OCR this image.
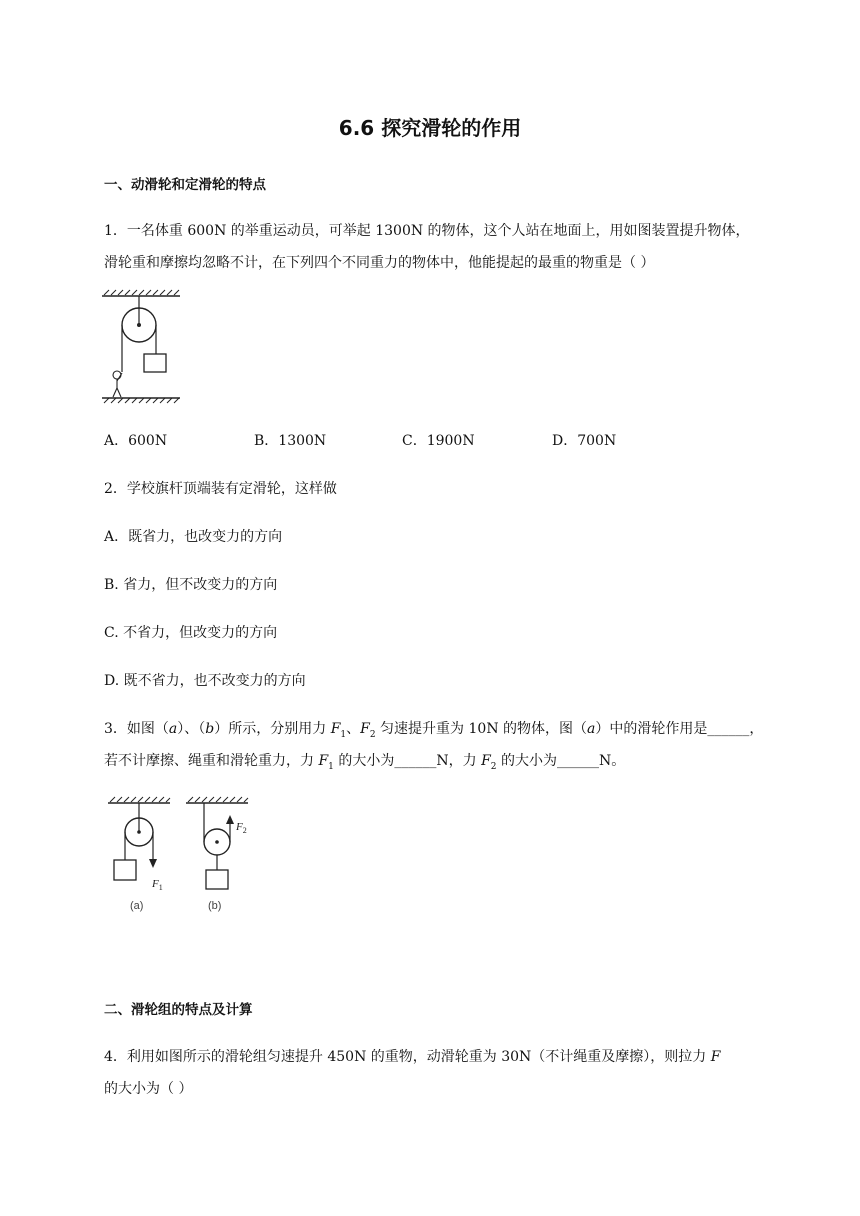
6.6 探究滑轮的作用
一、动滑轮和定滑轮的特点
1．一名体重 600N 的举重运动员，可举起 1300N 的物体，这个人站在地面上，用如图装置提升物体，
滑轮重和摩擦均忽略不计，在下列四个不同重力的物体中，他能提起的最重的物重是（ ）
A．600N	B．1300N	C．1900N	D．700N
2．学校旗杆顶端装有定滑轮，这样做
A．既省力，也改变力的方向
B. 省力，但不改变力的方向
C. 不省力，但改变力的方向
D. 既不省力，也不改变力的方向
3．如图（a）、（b）所示，分别用力 $F_1$、$F_2$ 匀速提升重为 10N 的物体，图（a）中的滑轮作用是______，
若不计摩擦、绳重和滑轮重力，力 $F_1$ 的大小为______N，力 $F_2$ 的大小为______N。
$F_1$
(a)
$F_2$
(b)
二、滑轮组的特点及计算
4．利用如图所示的滑轮组匀速提升 450N 的重物，动滑轮重为 30N（不计绳重及摩擦），则拉力 F
的大小为（ ）
